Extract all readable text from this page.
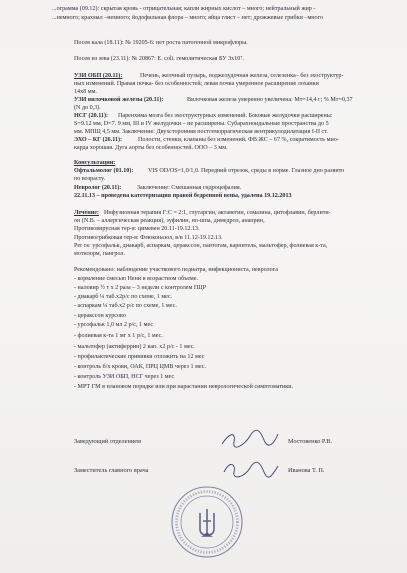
...ограмма (09.12): скрытая кровь - отрицательная; капли жирных кислот – много; нейтральный жир -
...немного; крахмал –немного; йодофильная флора – много; яйца глист – нет; дрожжевые грибки –много
Посев кала (18.11): № 19205-6: нет роста патогенной микрофлоры.
Посев из зева (23.11): № 20867: E. coli. гемолитическая БУ 3x10⁷.
УЗИ ОБП (20.11):	Печень, желчный пузырь, поджелудочная железа, селезенка– без эхоструктур-
ных изменений. Правая почка- без особенностей; левая почка умеренное расширение лоханки
14x8 мм.
УЗИ вилочковой железы (20.11):	Вилочковая железа умеренно увеличена: Mт=14,4 г; % Mт=0,37
(N до 0,3).
НСГ (20.11): Паренхима мозга без эхоструктурных изменений. Боковые желудочки расширены:
S=9.12 мм, D=7. 9 мм, III и IV желудочки – не расширены. Субарахноидальные пространства до 5
мм. МПЩ 4,5 мм. Заключение: Двухсторонняя постгеморрагическая вентрикулодилатация I-II ст.
ЭХО – КГ (26.11):	Полости, стенки, клапаны без изменений. ФВ ЖС – 67 %, сократимость мио-
карда хорошая. Дуга аорты без особенностей. ООО – 3 мм.
Консультации:
Офтальмолог (01.10): VIS OD/OS=1,0/1,0. Передний отрезок, среды в норме. Глазное дно развито
по возрасту.
Невролог (20.11):	Заключение: Смешанная гидроцефалия.
22.11.13 – проведена катетеризация правой бедренной вены, удалена 19.12.2013
Лечение: Инфузионная терапия Г:С = 2:1, глутаргин, актавегин, сомазина, цитофлавин, берлити-
он (N.B. – аллергическая реакция), эуфилин, но-шпа, димедрол, анаприн,
Противовирусная тер-я: цимевен 20.11-19.12.13.
Противогрибковая тер-я: Флюконазол, в/в 11.12-19.12.13.
Per os: урсофальк, диакарб, аспаркам, церакссон, пантогам, карнитель, мальтофер, фолиевая к-та,
мотилорм, пангрол.
Рекомендовано: наблюдение участкового педиатра, инфекциониста, невролога
- кормление смесью Нени в возрастном объеме.
- наловир ½ т х 2 раза – 3 недели с контролем ПЦР
- диакарб ¼ таб.х2р/с по схеме, 1 мес.
- аспаркам ¼ таб.х2 р/с по схеме, 1 мес.
- церакссон курсово
- урсофальк 1,0 мл 2 р/с, 1 мес
- фолиевая к-та 1 мг х 1 р/с, 1 мес.
- мальтофер (актиферрин) 2 кап. х2 р/с - 1 мес.
- профилактические прививки отложить на 12 мес
- контроль б/х крови, ОАК, ПРЦ ЦМВ через 1 мес.
- контроль УЗИ ОБП, НСГ через 1 мес
- МРТ ГМ в плановом порядке или при нарастании неврологической симптоматики.
Заведующий отделением	Мостовенко Р.В.
Заместитель главного врача	Иванова Т. П.
